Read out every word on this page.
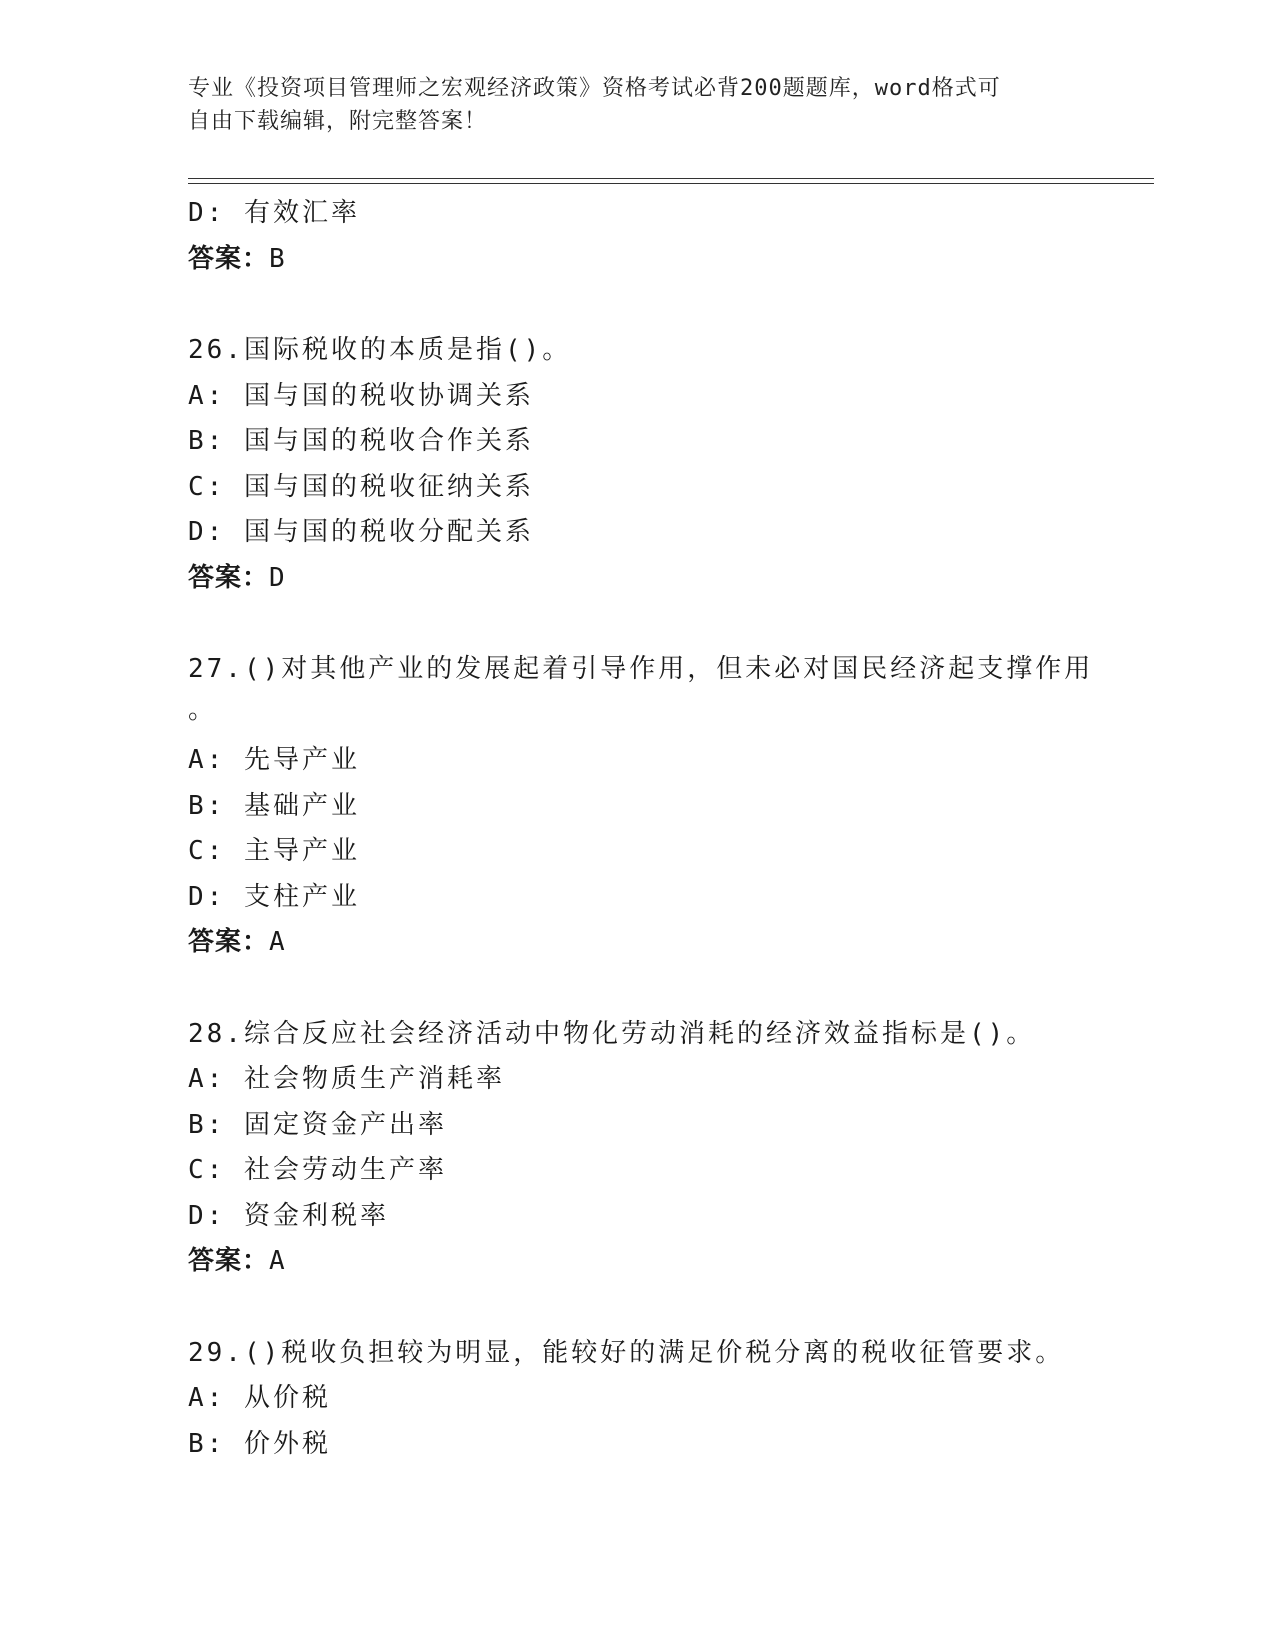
专业《投资项目管理师之宏观经济政策》资格考试必背200题题库，word格式可
自由下载编辑，附完整答案！
D: 有效汇率
答案：B
26.国际税收的本质是指()。
A: 国与国的税收协调关系
B: 国与国的税收合作关系
C: 国与国的税收征纳关系
D: 国与国的税收分配关系
答案：D
27.()对其他产业的发展起着引导作用，但未必对国民经济起支撑作用
。
A: 先导产业
B: 基础产业
C: 主导产业
D: 支柱产业
答案：A
28.综合反应社会经济活动中物化劳动消耗的经济效益指标是()。
A: 社会物质生产消耗率
B: 固定资金产出率
C: 社会劳动生产率
D: 资金利税率
答案：A
29.()税收负担较为明显，能较好的满足价税分离的税收征管要求。
A: 从价税
B: 价外税
